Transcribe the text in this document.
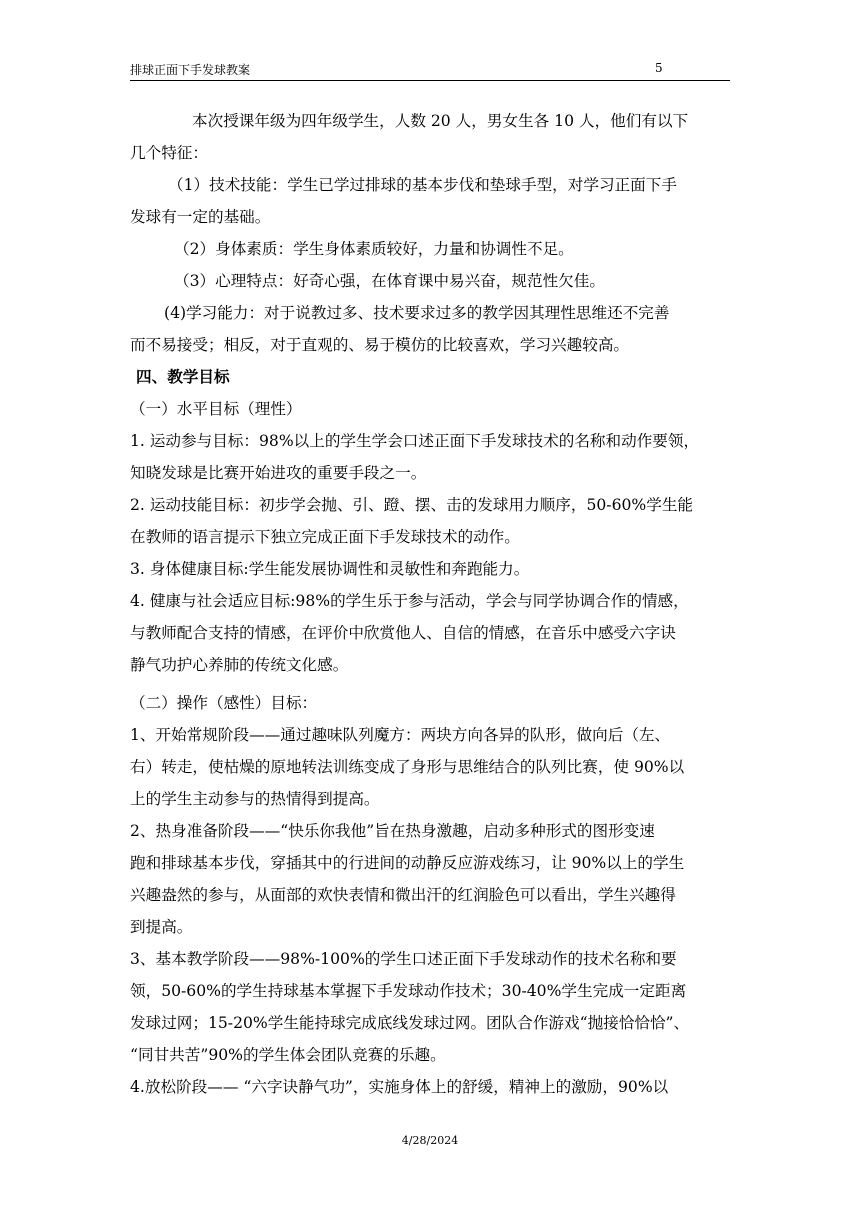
排球正面下手发球教案	5

本次授课年级为四年级学生，人数 20 人，男女生各 10 人，他们有以下

几个特征：

（1）技术技能：学生已学过排球的基本步伐和垫球手型，对学习正面下手

发球有一定的基础。

（2）身体素质：学生身体素质较好，力量和协调性不足。

（3）心理特点：好奇心强，在体育课中易兴奋，规范性欠佳。

(4)学习能力：对于说教过多、技术要求过多的教学因其理性思维还不完善

而不易接受；相反，对于直观的、易于模仿的比较喜欢，学习兴趣较高。

四、教学目标

（一）水平目标（理性）

1. 运动参与目标：98%以上的学生学会口述正面下手发球技术的名称和动作要领，

知晓发球是比赛开始进攻的重要手段之一。

2. 运动技能目标：初步学会抛、引、蹬、摆、击的发球用力顺序，50-60%学生能

在教师的语言提示下独立完成正面下手发球技术的动作。

3. 身体健康目标:学生能发展协调性和灵敏性和奔跑能力。

4. 健康与社会适应目标:98%的学生乐于参与活动，学会与同学协调合作的情感，

与教师配合支持的情感，在评价中欣赏他人、自信的情感，在音乐中感受六字诀

静气功护心养肺的传统文化感。

（二）操作（感性）目标：

1、开始常规阶段——通过趣味队列魔方：两块方向各异的队形，做向后（左、

右）转走，使枯燥的原地转法训练变成了身形与思维结合的队列比赛，使 90%以

上的学生主动参与的热情得到提高。

2、热身准备阶段——“快乐你我他”旨在热身激趣，启动多种形式的图形变速

跑和排球基本步伐，穿插其中的行进间的动静反应游戏练习，让 90%以上的学生

兴趣盎然的参与，从面部的欢快表情和微出汗的红润脸色可以看出，学生兴趣得

到提高。

3、基本教学阶段——98%-100%的学生口述正面下手发球动作的技术名称和要

领，50-60%的学生持球基本掌握下手发球动作技术；30-40%学生完成一定距离

发球过网；15-20%学生能持球完成底线发球过网。团队合作游戏“抛接恰恰恰”、

“同甘共苦”90%的学生体会团队竞赛的乐趣。

4.放松阶段—— “六字诀静气功”，实施身体上的舒缓，精神上的激励，90%以

4/28/2024
